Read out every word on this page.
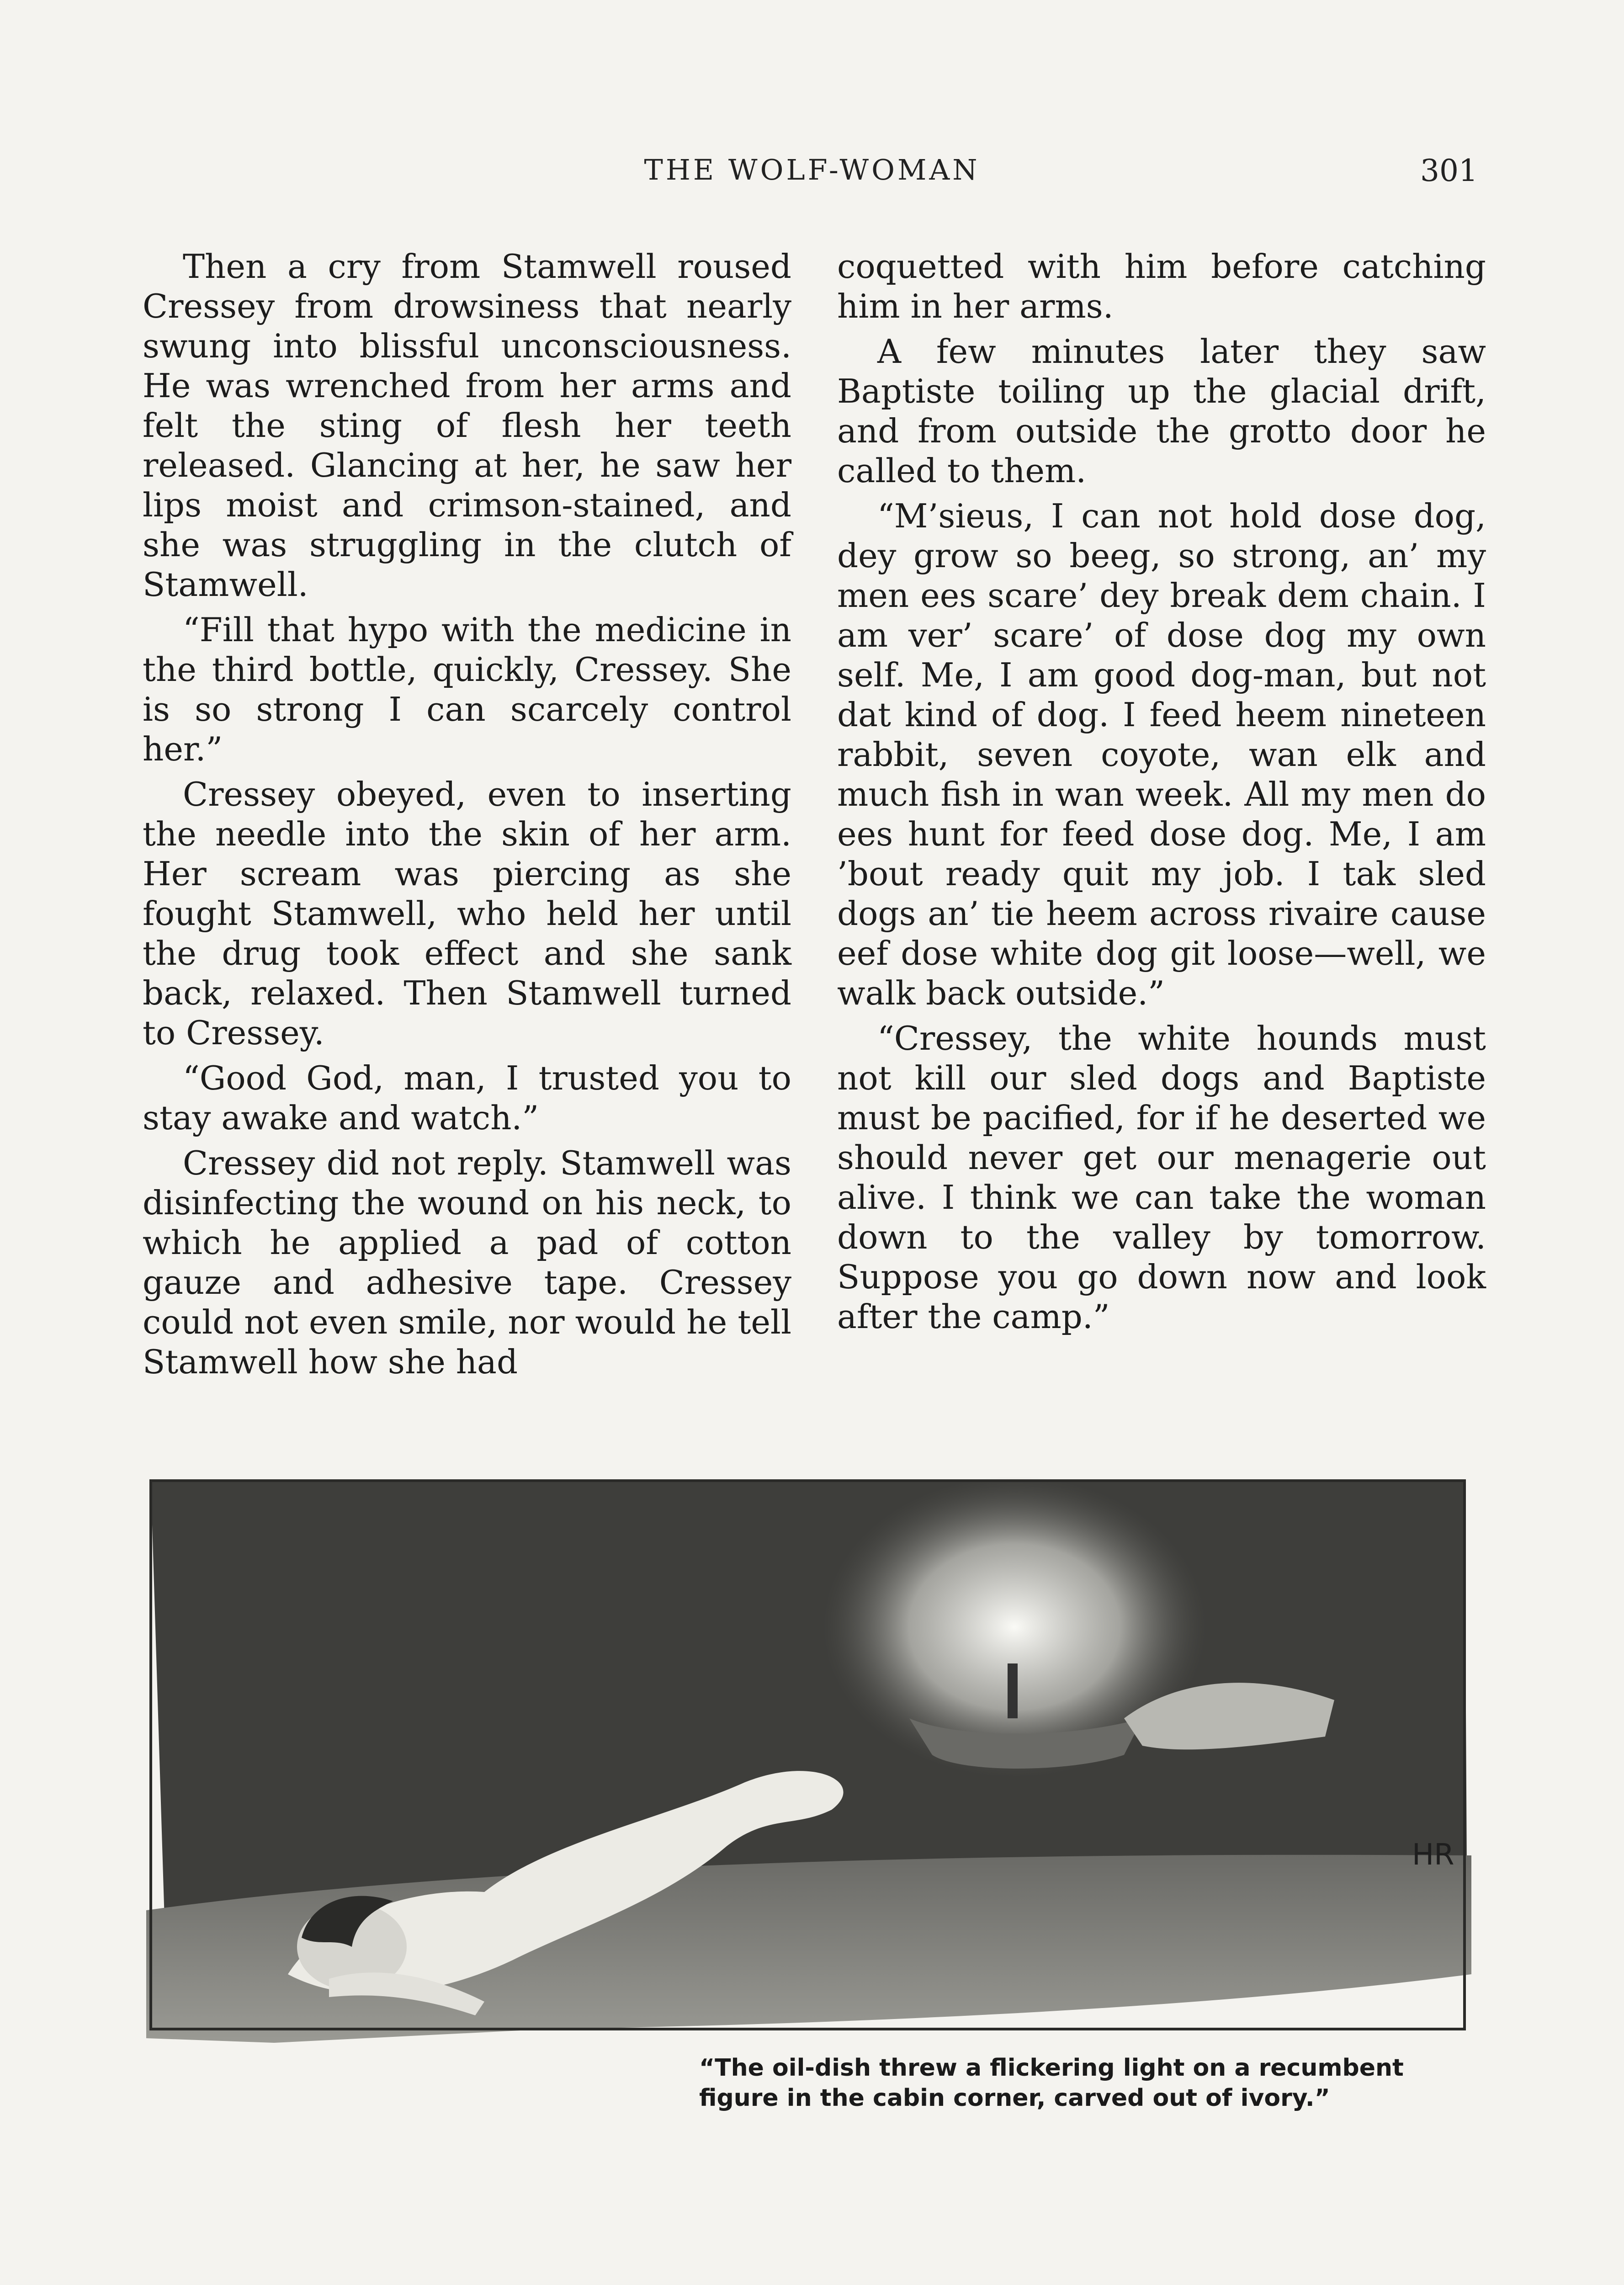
THE WOLF-WOMAN	301

Then a cry from Stamwell roused Cressey from drowsiness that nearly swung into blissful unconsciousness. He was wrenched from her arms and felt the sting of flesh her teeth released. Glancing at her, he saw her lips moist and crimson-stained, and she was struggling in the clutch of Stamwell.

“Fill that hypo with the medicine in the third bottle, quickly, Cressey. She is so strong I can scarcely control her.”

Cressey obeyed, even to inserting the needle into the skin of her arm. Her scream was piercing as she fought Stamwell, who held her until the drug took effect and she sank back, relaxed. Then Stamwell turned to Cressey.

“Good God, man, I trusted you to stay awake and watch.”

Cressey did not reply. Stamwell was disinfecting the wound on his neck, to which he applied a pad of cotton gauze and adhesive tape. Cressey could not even smile, nor would he tell Stamwell how she had

coquetted with him before catching him in her arms.

A few minutes later they saw Baptiste toiling up the glacial drift, and from outside the grotto door he called to them.

“M’sieus, I can not hold dose dog, dey grow so beeg, so strong, an’ my men ees scare’ dey break dem chain. I am ver’ scare’ of dose dog my own self. Me, I am good dog-man, but not dat kind of dog. I feed heem nineteen rabbit, seven coyote, wan elk and much fish in wan week. All my men do ees hunt for feed dose dog. Me, I am ’bout ready quit my job. I tak sled dogs an’ tie heem across rivaire cause eef dose white dog git loose—well, we walk back outside.”

“Cressey, the white hounds must not kill our sled dogs and Baptiste must be pacified, for if he deserted we should never get our menagerie out alive. I think we can take the woman down to the valley by tomorrow. Suppose you go down now and look after the camp.”

HR
“The oil-dish threw a flickering light on a recumbent figure in the cabin corner, carved out of ivory.”
